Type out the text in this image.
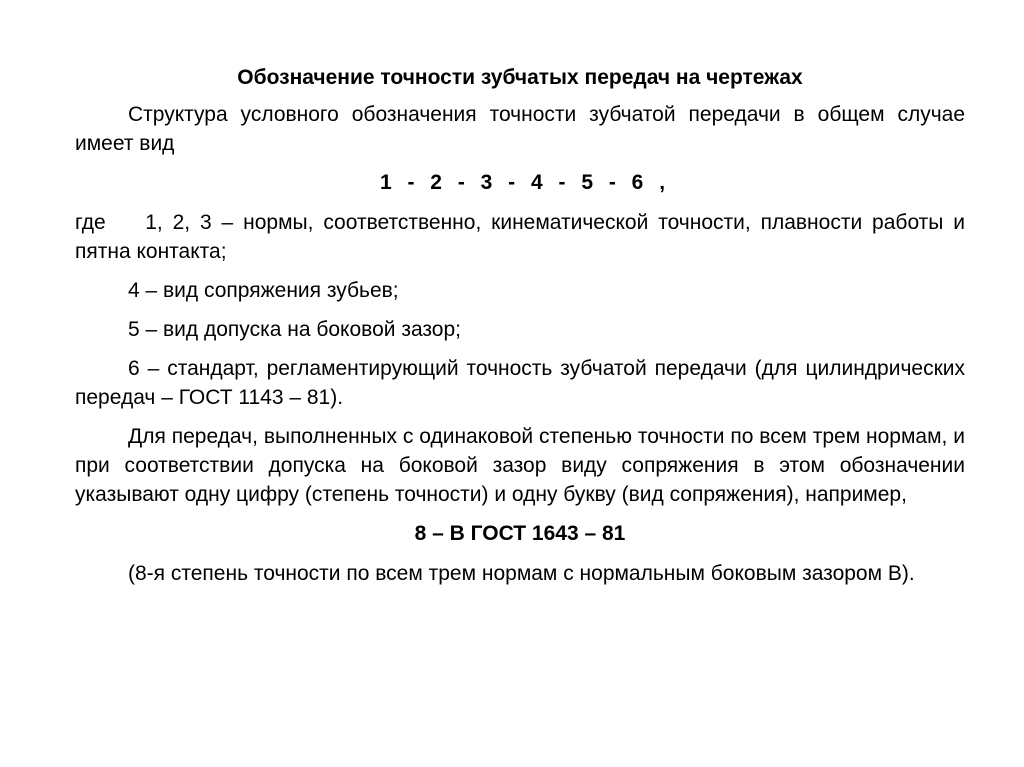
Обозначение точности зубчатых передач на чертежах

Структура условного обозначения точности зубчатой передачи в общем случае имеет вид

1 - 2 - 3 - 4 - 5 - 6 ,

где    1, 2, 3 – нормы, соответственно, кинематической точности, плавности работы и пятна контакта;

4 – вид сопряжения зубьев;

5 – вид допуска на боковой зазор;

6 – стандарт, регламентирующий точность зубчатой передачи (для цилиндрических передач – ГОСТ 1143 – 81).

Для передач, выполненных с одинаковой степенью точности по всем трем нормам, и при соответствии допуска на боковой зазор виду сопряжения в этом обозначении указывают одну цифру (степень точности) и одну букву (вид сопряжения), например,

8 – В ГОСТ 1643 – 81

(8-я степень точности по всем трем нормам с нормальным боковым зазором В).
